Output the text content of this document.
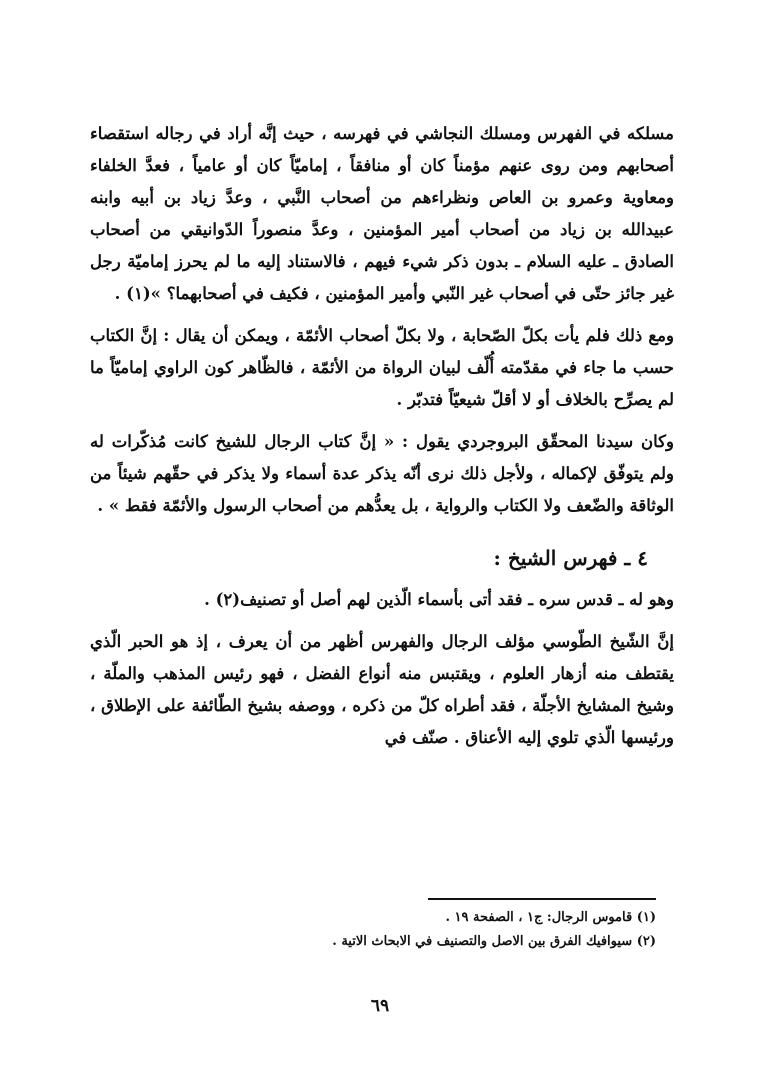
مسلكه في الفهرس ومسلك النجاشي في فهرسه ، حيث إنَّه أراد في رجاله استقصاء أصحابهم ومن روى عنهم مؤمناً كان أو منافقاً ، إماميّاً كان أو عامياً ، فعدَّ الخلفاء ومعاوية وعمرو بن العاص ونظراءهم من أصحاب النَّبي ، وعدَّ زياد بن أبيه وابنه عبيدالله بن زياد من أصحاب أمير المؤمنين ، وعدَّ منصوراً الدّوانيقي من أصحاب الصادق ـ عليه السلام ـ بدون ذكر شيء فيهم ، فالاستناد إليه ما لم يحرز إماميّة رجل غير جائز حتّى في أصحاب غير النّبي وأمير المؤمنين ، فكيف في أصحابهما؟ »(١) .

ومع ذلك فلم يأت بكلّ الصّحابة ، ولا بكلّ أصحاب الأئمّة ، ويمكن أن يقال : إنَّ الكتاب حسب ما جاء في مقدّمته أُلّف لبيان الرواة من الأئمّة ، فالظّاهر كون الراوي إماميّاً ما لم يصرِّح بالخلاف أو لا أقلّ شيعيّاً فتدبّر .

وكان سيدنا المحقّق البروجردي يقول : « إنَّ كتاب الرجال للشيخ كانت مُذكّرات له ولم يتوفّق لإكماله ، ولأجل ذلك نرى أنّه يذكر عدة أسماء ولا يذكر في حقّهم شيئاً من الوثاقة والضّعف ولا الكتاب والرواية ، بل يعدُّهم من أصحاب الرسول والأئمّة فقط » .

٤ ـ فهرس الشيخ :

وهو له ـ قدس سره ـ فقد أتى بأسماء الّذين لهم أصل أو تصنيف(٢) .

إنَّ الشّيخ الطّوسي مؤلف الرجال والفهرس أظهر من أن يعرف ، إذ هو الحبر الّذي يقتطف منه أزهار العلوم ، ويقتبس منه أنواع الفضل ، فهو رئيس المذهب والملّة ، وشيخ المشايخ الأجلّة ، فقد أطراه كلّ من ذكره ، ووصفه بشيخ الطّائفة على الإطلاق ، ورئيسها الّذي تلوي إليه الأعناق . صنّف في

(١) قاموس الرجال: ج١ ، الصفحة ١٩ .
(٢) سيوافيك الفرق بين الاصل والتصنيف في الابحاث الاتية .
٦٩
